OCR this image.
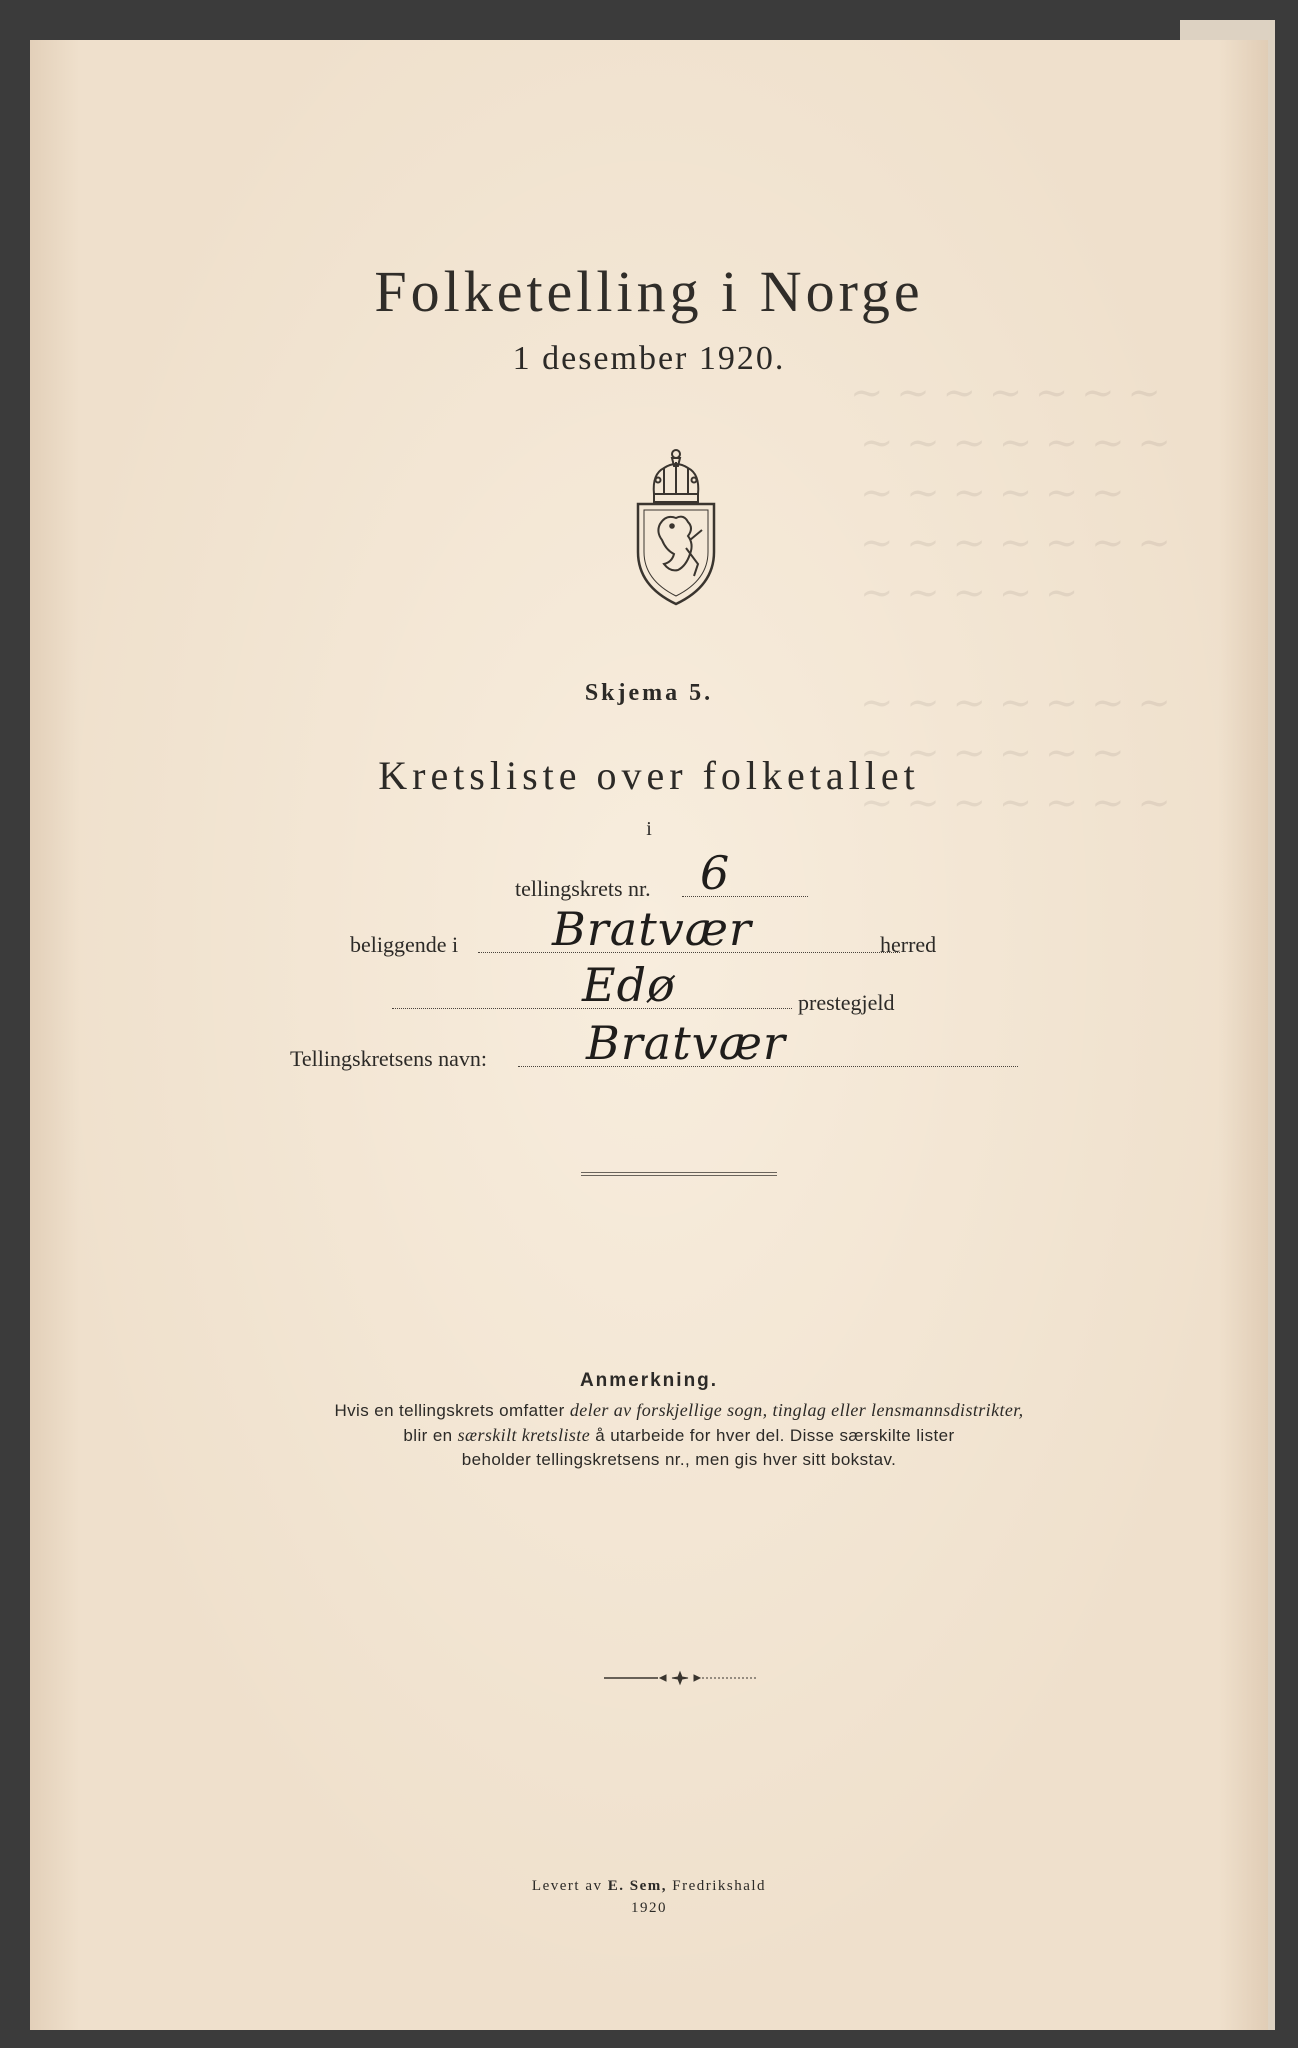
~ ~ ~ ~ ~ ~ ~
~ ~ ~ ~ ~ ~ ~
~ ~ ~ ~ ~ ~
~ ~ ~ ~ ~ ~ ~
~ ~ ~ ~ ~
~ ~ ~ ~ ~ ~ ~
~ ~ ~ ~ ~ ~
~ ~ ~ ~ ~ ~ ~
Folketelling i Norge
1 desember 1920.
Skjema 5.
Kretsliste over folketallet
i
tellingskrets nr. 6
beliggende i Bratvær	herred
Edø	prestegjeld
Tellingskretsens navn: Bratvær
Anmerkning.
Hvis en tellingskrets omfatter deler av forskjellige sogn, tinglag eller lensmannsdistrikter,
blir en særskilt kretsliste å utarbeide for hver del. Disse særskilte lister
beholder tellingskretsens nr., men gis hver sitt bokstav.
Levert av E. Sem, Fredrikshald
1920
